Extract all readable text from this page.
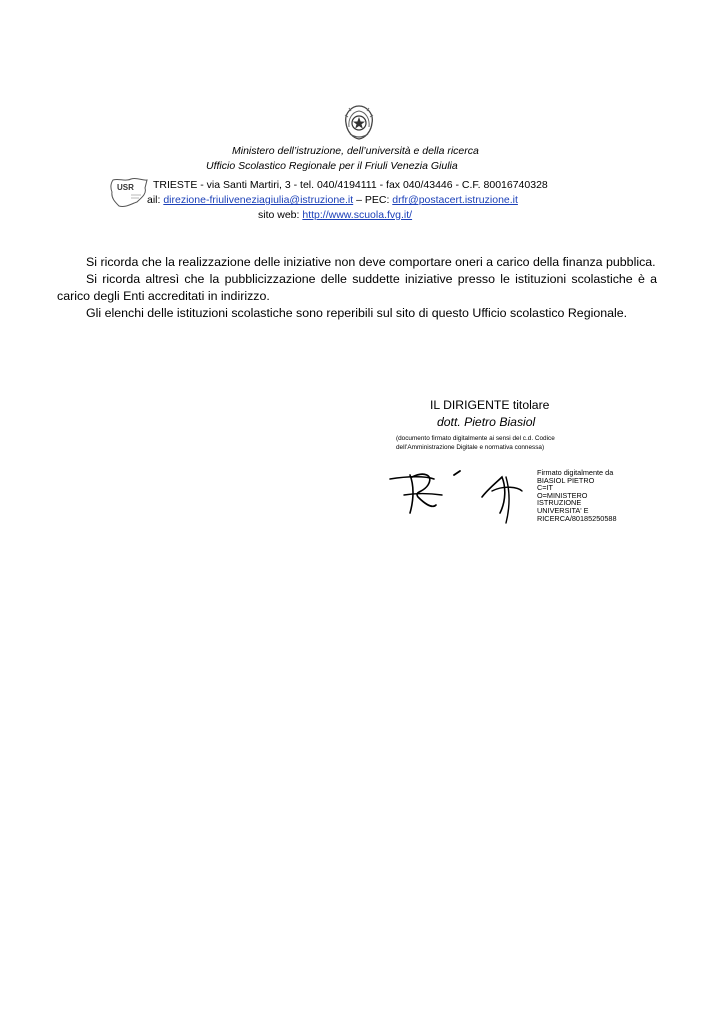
Ministero dell’istruzione, dell’università e della ricerca
Ufficio Scolastico Regionale per il Friuli Venezia Giulia
USR TRIESTE - via Santi Martiri, 3 - tel. 040/4194111 - fax 040/43446 - C.F. 80016740328
ail: direzione-friuliveneziagiulia@istruzione.it – PEC: drfr@postacert.istruzione.it
sito web: http://www.scuola.fvg.it/

Si ricorda che la realizzazione delle iniziative non deve comportare oneri a carico della finanza pubblica.

Si ricorda altresì che la pubblicizzazione delle suddette iniziative presso le istituzioni scolastiche è a carico degli Enti accreditati in indirizzo.

Gli elenchi delle istituzioni scolastiche sono reperibili sul sito di questo Ufficio scolastico Regionale.

IL DIRIGENTE titolare
dott. Pietro Biasiol
(documento firmato digitalmente ai sensi del c.d. Codice
dell’Amministrazione Digitale e normativa connessa)
Firmato digitalmente da
BIASIOL PIETRO
C=IT
O=MINISTERO
ISTRUZIONE
UNIVERSITA' E
RICERCA/80185250588
